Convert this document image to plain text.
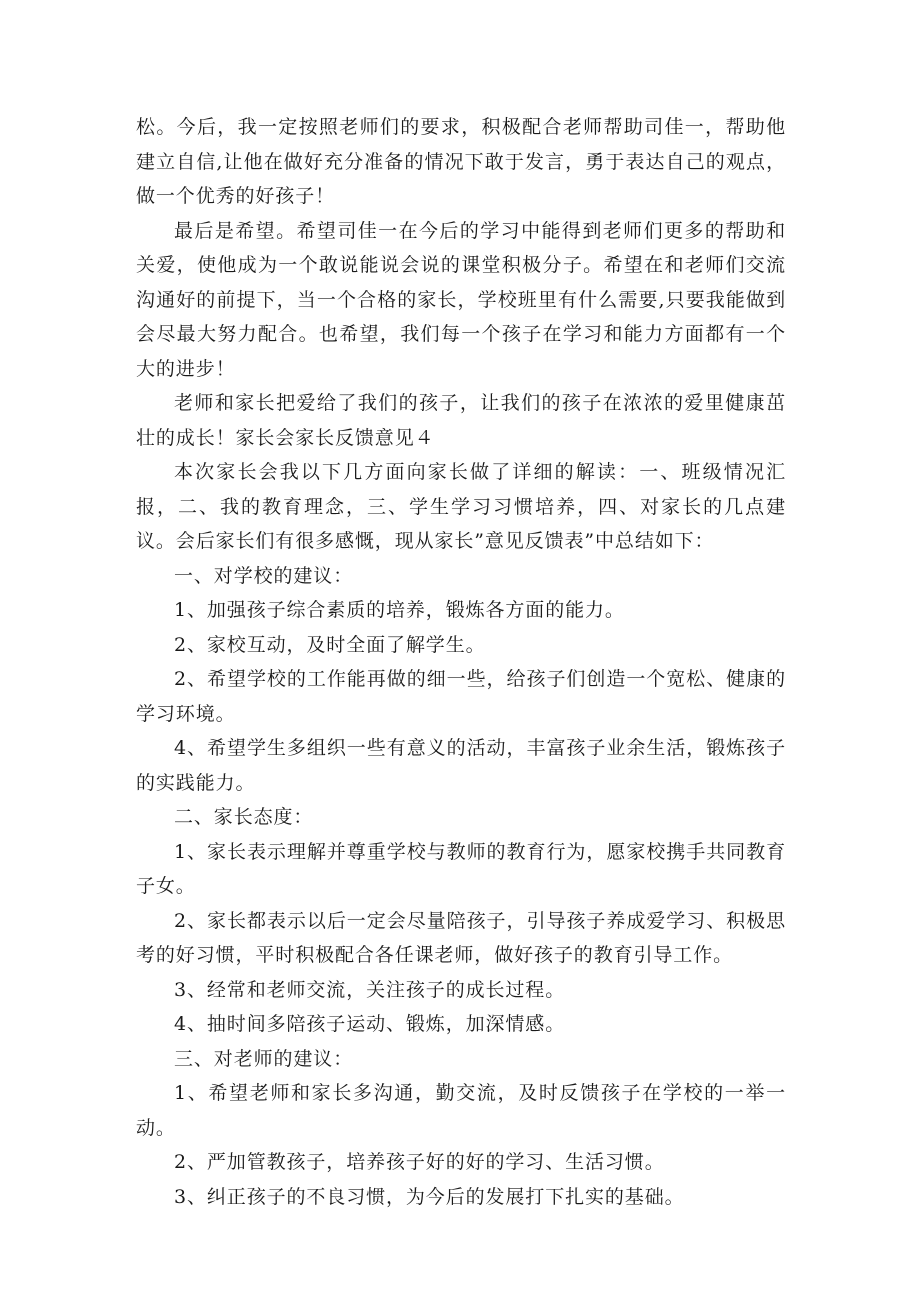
松。今后，我一定按照老师们的要求，积极配合老师帮助司佳一，帮助他建立自信,让他在做好充分准备的情况下敢于发言，勇于表达自己的观点，做一个优秀的好孩子！

最后是希望。希望司佳一在今后的学习中能得到老师们更多的帮助和关爱，使他成为一个敢说能说会说的课堂积极分子。希望在和老师们交流沟通好的前提下，当一个合格的家长，学校班里有什么需要,只要我能做到会尽最大努力配合。也希望，我们每一个孩子在学习和能力方面都有一个大的进步！

老师和家长把爱给了我们的孩子，让我们的孩子在浓浓的爱里健康茁壮的成长！家长会家长反馈意见４

本次家长会我以下几方面向家长做了详细的解读：一、班级情况汇报，二、我的教育理念，三、学生学习习惯培养，四、对家长的几点建议。会后家长们有很多感慨，现从家长”意见反馈表”中总结如下：

一、对学校的建议：

1、加强孩子综合素质的培养，锻炼各方面的能力。

2、家校互动，及时全面了解学生。

2、希望学校的工作能再做的细一些，给孩子们创造一个宽松、健康的学习环境。

4、希望学生多组织一些有意义的活动，丰富孩子业余生活，锻炼孩子的实践能力。

二、家长态度：

1、家长表示理解并尊重学校与教师的教育行为，愿家校携手共同教育子女。

2、家长都表示以后一定会尽量陪孩子，引导孩子养成爱学习、积极思考的好习惯，平时积极配合各任课老师，做好孩子的教育引导工作。

3、经常和老师交流，关注孩子的成长过程。

4、抽时间多陪孩子运动、锻炼，加深情感。

三、对老师的建议：

1、希望老师和家长多沟通，勤交流，及时反馈孩子在学校的一举一动。

2、严加管教孩子，培养孩子好的好的学习、生活习惯。

3、纠正孩子的不良习惯，为今后的发展打下扎实的基础。
